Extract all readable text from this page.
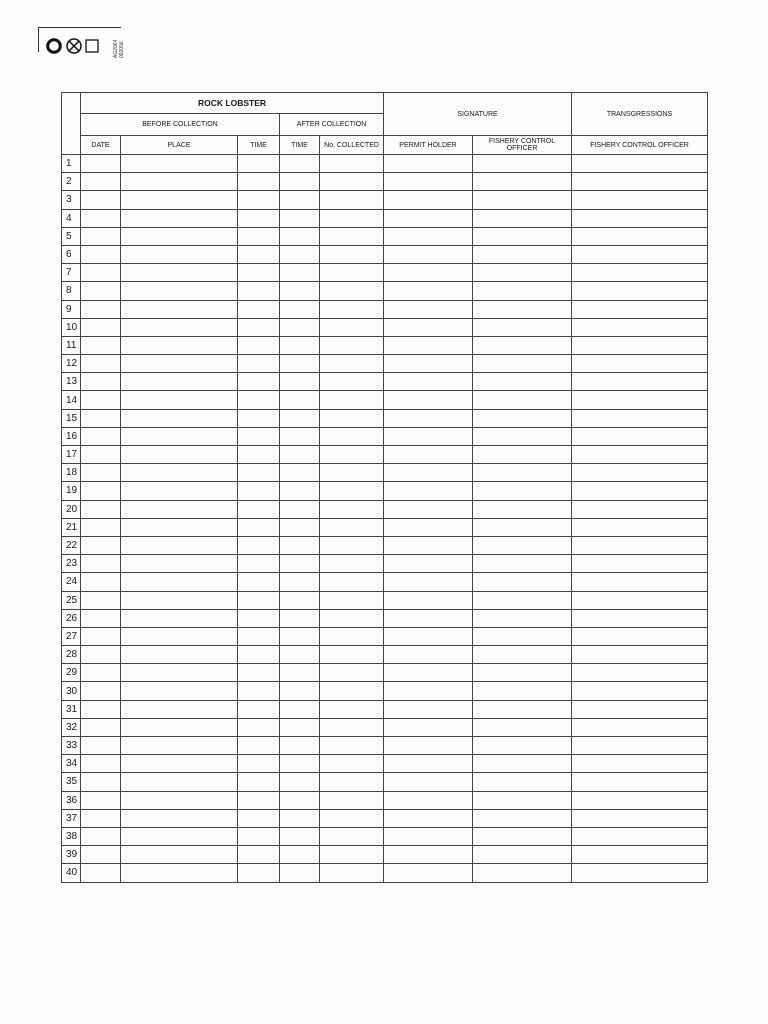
AG2064 092056
	ROCK LOBSTER					SIGNATURE		TRANSGRESSIONS
	BEFORE COLLECTION			AFTER COLLECTION				
	DATE	PLACE	TIME	TIME	No. COLLECTED	PERMIT HOLDER	FISHERY CONTROL OFFICER	FISHERY CONTROL OFFICER
1								
2								
3								
4								
5								
6								
7								
8								
9								
10								
11								
12								
13								
14								
15								
16								
17								
18								
19								
20								
21								
22								
23								
24								
25								
26								
27								
28								
29								
30								
31								
32								
33								
34								
35								
36								
37								
38								
39								
40								
